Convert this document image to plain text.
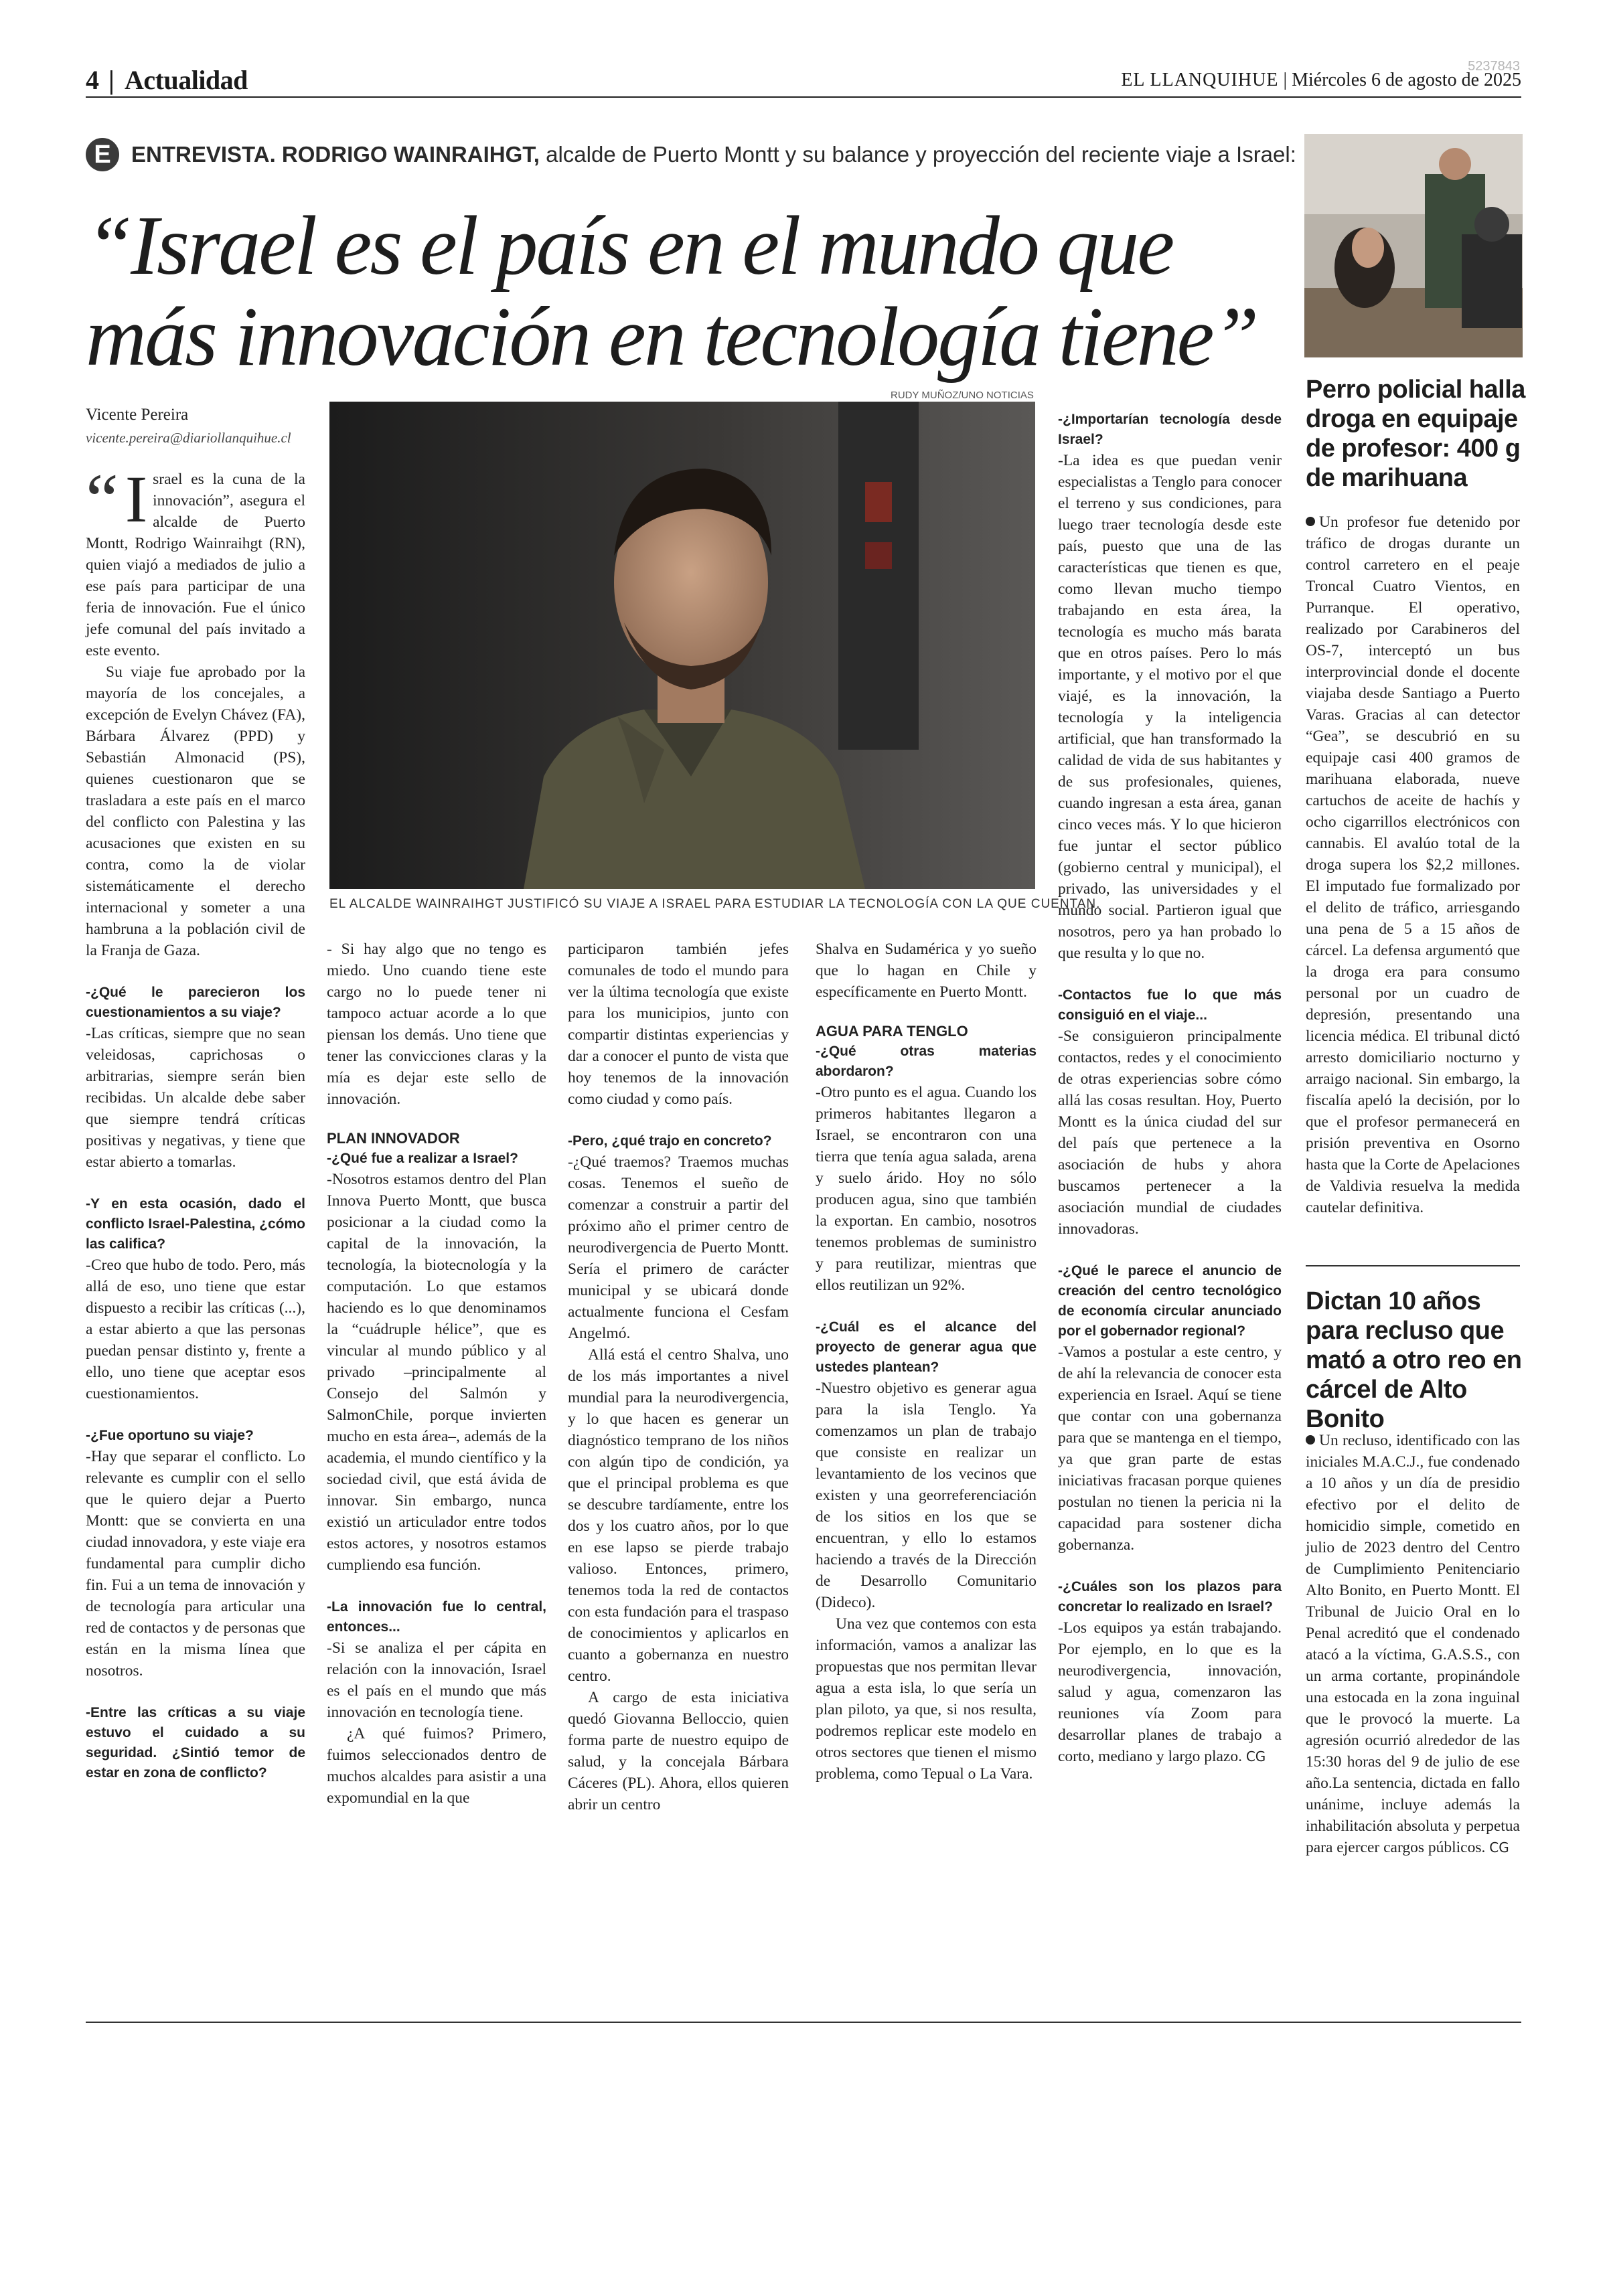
4 | Actualidad	5237843
EL LLANQUIHUE | Miércoles 6 de agosto de 2025
E ENTREVISTA. RODRIGO WAINRAIHGT, alcalde de Puerto Montt y su balance y proyección del reciente viaje a Israel:
“Israel es el país en el mundo que
más innovación en tecnología tiene”
Vicente Pereira
vicente.pereira@diariollanquihue.cl
RUDY MUÑOZ/UNO NOTICIAS
EL ALCALDE WAINRAIHGT JUSTIFICÓ SU VIAJE A ISRAEL PARA ESTUDIAR LA TECNOLOGÍA CON LA QUE CUENTAN.

“ I srael es la cuna de la innovación”, asegura el alcalde de Puerto Montt, Rodrigo Wainraihgt (RN), quien viajó a mediados de julio a ese país para participar de una feria de innovación. Fue el único jefe comunal del país invitado a este evento.

Su viaje fue aprobado por la mayoría de los concejales, a excepción de Evelyn Chávez (FA), Bárbara Álvarez (PPD) y Sebastián Almonacid (PS), quienes cuestionaron que se trasladara a este país en el marco del conflicto con Palestina y las acusaciones que existen en su contra, como la de violar sistemáticamente el derecho internacional y someter a una hambruna a la población civil de la Franja de Gaza.

-¿Qué le parecieron los cuestionamientos a su viaje?

-Las críticas, siempre que no sean veleidosas, caprichosas o arbitrarias, siempre serán bien recibidas. Un alcalde debe saber que siempre tendrá críticas positivas y negativas, y tiene que estar abierto a tomarlas.

-Y en esta ocasión, dado el conflicto Israel-Palestina, ¿cómo las califica?

-Creo que hubo de todo. Pero, más allá de eso, uno tiene que estar dispuesto a recibir las críticas (...), a estar abierto a que las personas puedan pensar distinto y, frente a ello, uno tiene que aceptar esos cuestionamientos.

-¿Fue oportuno su viaje?

-Hay que separar el conflicto. Lo relevante es cumplir con el sello que le quiero dejar a Puerto Montt: que se convierta en una ciudad innovadora, y este viaje era fundamental para cumplir dicho fin. Fui a un tema de innovación y de tecnología para articular una red de contactos y de personas que están en la misma línea que nosotros.

-Entre las críticas a su viaje estuvo el cuidado a su seguridad. ¿Sintió temor de estar en zona de conflicto?

- Si hay algo que no tengo es miedo. Uno cuando tiene este cargo no lo puede tener ni tampoco actuar acorde a lo que piensan los demás. Uno tiene que tener las convicciones claras y la mía es dejar este sello de innovación.

PLAN INNOVADOR

-¿Qué fue a realizar a Israel?

-Nosotros estamos dentro del Plan Innova Puerto Montt, que busca posicionar a la ciudad como la capital de la innovación, la tecnología, la biotecnología y la computación. Lo que estamos haciendo es lo que denominamos la “cuádruple hélice”, que es vincular al mundo público y al privado –principalmente al Consejo del Salmón y SalmonChile, porque invierten mucho en esta área–, además de la academia, el mundo científico y la sociedad civil, que está ávida de innovar. Sin embargo, nunca existió un articulador entre todos estos actores, y nosotros estamos cumpliendo esa función.

-La innovación fue lo central, entonces...

-Si se analiza el per cápita en relación con la innovación, Israel es el país en el mundo que más innovación en tecnología tiene.

¿A qué fuimos? Primero, fuimos seleccionados dentro de muchos alcaldes para asistir a una expomundial en la que

participaron también jefes comunales de todo el mundo para ver la última tecnología que existe para los municipios, junto con compartir distintas experiencias y dar a conocer el punto de vista que hoy tenemos de la innovación como ciudad y como país.

-Pero, ¿qué trajo en concreto?

-¿Qué traemos? Traemos muchas cosas. Tenemos el sueño de comenzar a construir a partir del próximo año el primer centro de neurodivergencia de Puerto Montt. Sería el primero de carácter municipal y se ubicará donde actualmente funciona el Cesfam Angelmó.

Allá está el centro Shalva, uno de los más importantes a nivel mundial para la neurodivergencia, y lo que hacen es generar un diagnóstico temprano de los niños con algún tipo de condición, ya que el principal problema es que se descubre tardíamente, entre los dos y los cuatro años, por lo que en ese lapso se pierde trabajo valioso. Entonces, primero, tenemos toda la red de contactos con esta fundación para el traspaso de conocimientos y aplicarlos en cuanto a gobernanza en nuestro centro.

A cargo de esta iniciativa quedó Giovanna Belloccio, quien forma parte de nuestro equipo de salud, y la concejala Bárbara Cáceres (PL). Ahora, ellos quieren abrir un centro

Shalva en Sudamérica y yo sueño que lo hagan en Chile y específicamente en Puerto Montt.

AGUA PARA TENGLO

-¿Qué otras materias abordaron?

-Otro punto es el agua. Cuando los primeros habitantes llegaron a Israel, se encontraron con una tierra que tenía agua salada, arena y suelo árido. Hoy no sólo producen agua, sino que también la exportan. En cambio, nosotros tenemos problemas de suministro y para reutilizar, mientras que ellos reutilizan un 92%.

-¿Cuál es el alcance del proyecto de generar agua que ustedes plantean?

-Nuestro objetivo es generar agua para la isla Tenglo. Ya comenzamos un plan de trabajo que consiste en realizar un levantamiento de los vecinos que existen y una georreferenciación de los sitios en los que se encuentran, y ello lo estamos haciendo a través de la Dirección de Desarrollo Comunitario (Dideco).

Una vez que contemos con esta información, vamos a analizar las propuestas que nos permitan llevar agua a esta isla, lo que sería un plan piloto, ya que, si nos resulta, podremos replicar este modelo en otros sectores que tienen el mismo problema, como Tepual o La Vara.

-¿Importarían tecnología desde Israel?

-La idea es que puedan venir especialistas a Tenglo para conocer el terreno y sus condiciones, para luego traer tecnología desde este país, puesto que una de las características que tienen es que, como llevan mucho tiempo trabajando en esta área, la tecnología es mucho más barata que en otros países. Pero lo más importante, y el motivo por el que viajé, es la innovación, la tecnología y la inteligencia artificial, que han transformado la calidad de vida de sus habitantes y de sus profesionales, quienes, cuando ingresan a esta área, ganan cinco veces más. Y lo que hicieron fue juntar el sector público (gobierno central y municipal), el privado, las universidades y el mundo social. Partieron igual que nosotros, pero ya han probado lo que resulta y lo que no.

-Contactos fue lo que más consiguió en el viaje...

-Se consiguieron principalmente contactos, redes y el conocimiento de otras experiencias sobre cómo allá las cosas resultan. Hoy, Puerto Montt es la única ciudad del sur del país que pertenece a la asociación de hubs y ahora buscamos pertenecer a la asociación mundial de ciudades innovadoras.

-¿Qué le parece el anuncio de creación del centro tecnológico de economía circular anunciado por el gobernador regional?

-Vamos a postular a este centro, y de ahí la relevancia de conocer esta experiencia en Israel. Aquí se tiene que contar con una gobernanza para que se mantenga en el tiempo, ya que gran parte de estas iniciativas fracasan porque quienes postulan no tienen la pericia ni la capacidad para sostener dicha gobernanza.

-¿Cuáles son los plazos para concretar lo realizado en Israel?

-Los equipos ya están trabajando. Por ejemplo, en lo que es la neurodivergencia, innovación, salud y agua, comenzaron las reuniones vía Zoom para desarrollar planes de trabajo a corto, mediano y largo plazo. CG

Perro policial halla droga en equipaje de profesor: 400 g de marihuana
Un profesor fue detenido por tráfico de drogas durante un control carretero en el peaje Troncal Cuatro Vientos, en Purranque. El operativo, realizado por Carabineros del OS-7, interceptó un bus interprovincial donde el docente viajaba desde Santiago a Puerto Varas. Gracias al can detector “Gea”, se descubrió en su equipaje casi 400 gramos de marihuana elaborada, nueve cartuchos de aceite de hachís y ocho cigarrillos electrónicos con cannabis. El avalúo total de la droga supera los $2,2 millones. El imputado fue formalizado por el delito de tráfico, arriesgando una pena de 5 a 15 años de cárcel. La defensa argumentó que la droga era para consumo personal por un cuadro de depresión, presentando una licencia médica. El tribunal dictó arresto domiciliario nocturno y arraigo nacional. Sin embargo, la fiscalía apeló la decisión, por lo que el profesor permanecerá en prisión preventiva en Osorno hasta que la Corte de Apelaciones de Valdivia resuelva la medida cautelar definitiva.
Dictan 10 años para recluso que mató a otro reo en cárcel de Alto Bonito
Un recluso, identificado con las iniciales M.A.C.J., fue condenado a 10 años y un día de presidio efectivo por el delito de homicidio simple, cometido en julio de 2023 dentro del Centro de Cumplimiento Penitenciario Alto Bonito, en Puerto Montt. El Tribunal de Juicio Oral en lo Penal acreditó que el condenado atacó a la víctima, G.A.S.S., con un arma cortante, propinándole una estocada en la zona inguinal que le provocó la muerte. La agresión ocurrió alrededor de las 15:30 horas del 9 de julio de ese año.La sentencia, dictada en fallo unánime, incluye además la inhabilitación absoluta y perpetua para ejercer cargos públicos. CG
